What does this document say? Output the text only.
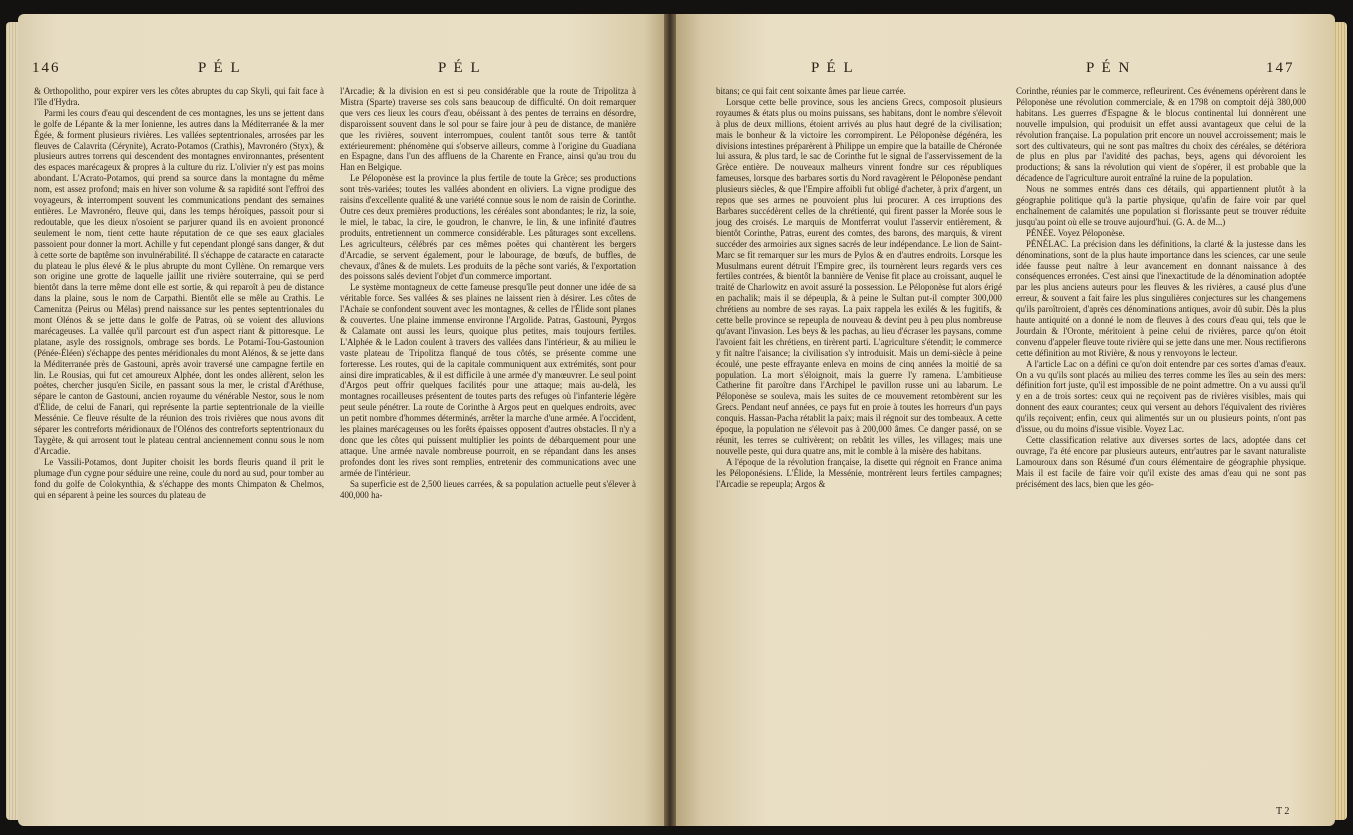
146	P É L	P É L

& Orthopolitho, pour expirer vers les côtes abruptes du cap Skyli, qui fait face à l'île d'Hydra.

Parmi les cours d'eau qui descendent de ces montagnes, les uns se jettent dans le golfe de Lépante & la mer Ionienne, les autres dans la Méditerranée & la mer Égée, & forment plusieurs rivières. Les vallées septentrionales, arrosées par les fleuves de Calavrita (Cérynite), Acrato-Potamos (Crathis), Mavronéro (Styx), & plusieurs autres torrens qui descendent des montagnes environnantes, présentent des espaces marécageux & propres à la culture du riz. L'olivier n'y est pas moins abondant. L'Acrato-Potamos, qui prend sa source dans la montagne du même nom, est assez profond; mais en hiver son volume & sa rapidité sont l'effroi des voyageurs, & interrompent souvent les communications pendant des semaines entières. Le Mavronéro, fleuve qui, dans les temps héroïques, passoit pour si redoutable, que les dieux n'osoient se parjurer quand ils en avoient prononcé seulement le nom, tient cette haute réputation de ce que ses eaux glaciales passoient pour donner la mort. Achille y fut cependant plongé sans danger, & dut à cette sorte de baptême son invulnérabilité. Il s'échappe de cataracte en cataracte du plateau le plus élevé & le plus abrupte du mont Cyllène. On remarque vers son origine une grotte de laquelle jaillit une rivière souterraine, qui se perd bientôt dans la terre même dont elle est sortie, & qui reparoît à peu de distance dans la plaine, sous le nom de Carpathi. Bientôt elle se mêle au Crathis. Le Camenitza (Peirus ou Mélas) prend naissance sur les pentes septentrionales du mont Olénos & se jette dans le golfe de Patras, où se voient des alluvions marécageuses. La vallée qu'il parcourt est d'un aspect riant & pittoresque. Le platane, asyle des rossignols, ombrage ses bords. Le Potami-Tou-Gastounion (Pénée-Éléen) s'échappe des pentes méridionales du mont Alénos, & se jette dans la Méditerranée près de Gastouni, après avoir traversé une campagne fertile en lin. Le Rousias, qui fut cet amoureux Alphée, dont les ondes allèrent, selon les poëtes, chercher jusqu'en Sicile, en passant sous la mer, le cristal d'Aréthuse, sépare le canton de Gastouni, ancien royaume du vénérable Nestor, sous le nom d'Élide, de celui de Fanari, qui représente la partie septentrionale de la vieille Messénie. Ce fleuve résulte de la réunion des trois rivières que nous avons dit séparer les contreforts méridionaux de l'Olénos des contreforts septentrionaux du Taygète, & qui arrosent tout le plateau central anciennement connu sous le nom d'Arcadie.

Le Vassili-Potamos, dont Jupiter choisit les bords fleuris quand il prit le plumage d'un cygne pour séduire une reine, coule du nord au sud, pour tomber au fond du golfe de Colokynthia, & s'échappe des monts Chimpaton & Chelmos, qui en séparent à peine les sources du plateau de

l'Arcadie; & la division en est si peu considérable que la route de Tripolitza à Mistra (Sparte) traverse ses cols sans beaucoup de difficulté. On doit remarquer que vers ces lieux les cours d'eau, obéissant à des pentes de terrains en désordre, disparoissent souvent dans le sol pour se faire jour à peu de distance, de manière que les rivières, souvent interrompues, coulent tantôt sous terre & tantôt extérieurement: phénomène qui s'observe ailleurs, comme à l'origine du Guadiana en Espagne, dans l'un des affluens de la Charente en France, ainsi qu'au trou du Han en Belgique.

Le Péloponèse est la province la plus fertile de toute la Grèce; ses productions sont très-variées; toutes les vallées abondent en oliviers. La vigne prodigue des raisins d'excellente qualité & une variété connue sous le nom de raisin de Corinthe. Outre ces deux premières productions, les céréales sont abondantes; le riz, la soie, le miel, le tabac, la cire, le goudron, le chanvre, le lin, & une infinité d'autres produits, entretiennent un commerce considérable. Les pâturages sont excellens. Les agriculteurs, célébrés par ces mêmes poëtes qui chantèrent les bergers d'Arcadie, se servent également, pour le labourage, de bœufs, de buffles, de chevaux, d'ânes & de mulets. Les produits de la pêche sont variés, & l'exportation des poissons salés devient l'objet d'un commerce important.

Le système montagneux de cette fameuse presqu'île peut donner une idée de sa véritable force. Ses vallées & ses plaines ne laissent rien à désirer. Les côtes de l'Achaïe se confondent souvent avec les montagnes, & celles de l'Élide sont planes & couvertes. Une plaine immense environne l'Argolide. Patras, Gastouni, Pyrgos & Calamate ont aussi les leurs, quoique plus petites, mais toujours fertiles. L'Alphée & le Ladon coulent à travers des vallées dans l'intérieur, & au milieu le vaste plateau de Tripolitza flanqué de tous côtés, se présente comme une forteresse. Les routes, qui de la capitale communiquent aux extrémités, sont pour ainsi dire impraticables, & il est difficile à une armée d'y manœuvrer. Le seul point d'Argos peut offrir quelques facilités pour une attaque; mais au-delà, les montagnes rocailleuses présentent de toutes parts des refuges où l'infanterie légère peut seule pénétrer. La route de Corinthe à Argos peut en quelques endroits, avec un petit nombre d'hommes déterminés, arrêter la marche d'une armée. A l'occident, les plaines marécageuses ou les forêts épaisses opposent d'autres obstacles. Il n'y a donc que les côtes qui puissent multiplier les points de débarquement pour une attaque. Une armée navale nombreuse pourroit, en se répandant dans les anses profondes dont les rives sont remplies, entretenir des communications avec une armée de l'intérieur.

Sa superficie est de 2,500 lieues carrées, & sa population actuelle peut s'élever à 400,000 ha-

P É L	P É N	147

bitans; ce qui fait cent soixante âmes par lieue carrée.

Lorsque cette belle province, sous les anciens Grecs, composoit plusieurs royaumes & états plus ou moins puissans, ses habitans, dont le nombre s'élevoit à plus de deux millions, étoient arrivés au plus haut degré de la civilisation; mais le bonheur & la victoire les corrompirent. Le Péloponèse dégénéra, les divisions intestines préparèrent à Philippe un empire que la bataille de Chéronée lui assura, & plus tard, le sac de Corinthe fut le signal de l'asservissement de la Grèce entière. De nouveaux malheurs vinrent fondre sur ces républiques fameuses, lorsque des barbares sortis du Nord ravagèrent le Péloponèse pendant plusieurs siècles, & que l'Empire affoibli fut obligé d'acheter, à prix d'argent, un repos que ses armes ne pouvoient plus lui procurer. A ces irruptions des Barbares succédèrent celles de la chrétienté, qui firent passer la Morée sous le joug des croisés. Le marquis de Montferrat voulut l'asservir entièrement, & bientôt Corinthe, Patras, eurent des comtes, des barons, des marquis, & virent succéder des armoiries aux signes sacrés de leur indépendance. Le lion de Saint-Marc se fit remarquer sur les murs de Pylos & en d'autres endroits. Lorsque les Musulmans eurent détruit l'Empire grec, ils tournèrent leurs regards vers ces fertiles contrées, & bientôt la bannière de Venise fit place au croissant, auquel le traité de Charlowitz en avoit assuré la possession. Le Péloponèse fut alors érigé en pachalik; mais il se dépeupla, & à peine le Sultan put-il compter 300,000 chrétiens au nombre de ses rayas. La paix rappela les exilés & les fugitifs, & cette belle province se repeupla de nouveau & devint peu à peu plus nombreuse qu'avant l'invasion. Les beys & les pachas, au lieu d'écraser les paysans, comme l'avoient fait les chrétiens, en tirèrent parti. L'agriculture s'étendit; le commerce y fit naître l'aisance; la civilisation s'y introduisit. Mais un demi-siècle à peine écoulé, une peste effrayante enleva en moins de cinq années la moitié de sa population. La mort s'éloignoit, mais la guerre l'y ramena. L'ambitieuse Catherine fit paroître dans l'Archipel le pavillon russe uni au labarum. Le Péloponèse se souleva, mais les suites de ce mouvement retombèrent sur les Grecs. Pendant neuf années, ce pays fut en proie à toutes les horreurs d'un pays conquis. Hassan-Pacha rétablit la paix; mais il régnoit sur des tombeaux. A cette époque, la population ne s'élevoit pas à 200,000 âmes. Ce danger passé, on se réunit, les terres se cultivèrent; on rebâtit les villes, les villages; mais une nouvelle peste, qui dura quatre ans, mit le comble à la misère des habitans.

A l'époque de la révolution française, la disette qui régnoit en France anima les Péloponésiens. L'Élide, la Messénie, montrèrent leurs fertiles campagnes; l'Arcadie se repeupla; Argos &

Corinthe, réunies par le commerce, refleurirent. Ces événemens opérèrent dans le Péloponèse une révolution commerciale, & en 1798 on comptoit déjà 380,000 habitans. Les guerres d'Espagne & le blocus continental lui donnèrent une nouvelle impulsion, qui produisit un effet aussi avantageux que celui de la révolution française. La population prit encore un nouvel accroissement; mais le sort des cultivateurs, qui ne sont pas maîtres du choix des céréales, se détériora de plus en plus par l'avidité des pachas, beys, agens qui dévoroient les productions; & sans la révolution qui vient de s'opérer, il est probable que la décadence de l'agriculture auroit entraîné la ruine de la population.

Nous ne sommes entrés dans ces détails, qui appartiennent plutôt à la géographie politique qu'à la partie physique, qu'afin de faire voir par quel enchaînement de calamités une population si florissante peut se trouver réduite jusqu'au point où elle se trouve aujourd'hui. (G. A. de M...)

PÉNÉE. Voyez Péloponèse.

PÉNÉLAC. La précision dans les définitions, la clarté & la justesse dans les dénominations, sont de la plus haute importance dans les sciences, car une seule idée fausse peut naître à leur avancement en donnant naissance à des conséquences erronées. C'est ainsi que l'inexactitude de la dénomination adoptée par les plus anciens auteurs pour les fleuves & les rivières, a causé plus d'une erreur, & souvent a fait faire les plus singulières conjectures sur les changemens qu'ils paroîtroient, d'après ces dénominations antiques, avoir dû subir. Dès la plus haute antiquité on a donné le nom de fleuves à des cours d'eau qui, tels que le Jourdain & l'Oronte, méritoient à peine celui de rivières, parce qu'on étoit convenu d'appeler fleuve toute rivière qui se jette dans une mer. Nous rectifierons cette définition au mot Rivière, & nous y renvoyons le lecteur.

A l'article Lac on a défini ce qu'on doit entendre par ces sortes d'amas d'eaux. On a vu qu'ils sont placés au milieu des terres comme les îles au sein des mers: définition fort juste, qu'il est impossible de ne point admettre. On a vu aussi qu'il y en a de trois sortes: ceux qui ne reçoivent pas de rivières visibles, mais qui donnent des eaux courantes; ceux qui versent au dehors l'équivalent des rivières qu'ils reçoivent; enfin, ceux qui alimentés sur un ou plusieurs points, n'ont pas d'issue, ou du moins d'issue visible. Voyez Lac.

Cette classification relative aux diverses sortes de lacs, adoptée dans cet ouvrage, l'a été encore par plusieurs auteurs, entr'autres par le savant naturaliste Lamouroux dans son Résumé d'un cours élémentaire de géographie physique. Mais il est facile de faire voir qu'il existe des amas d'eau qui ne sont pas précisément des lacs, bien que les géo-

T 2
